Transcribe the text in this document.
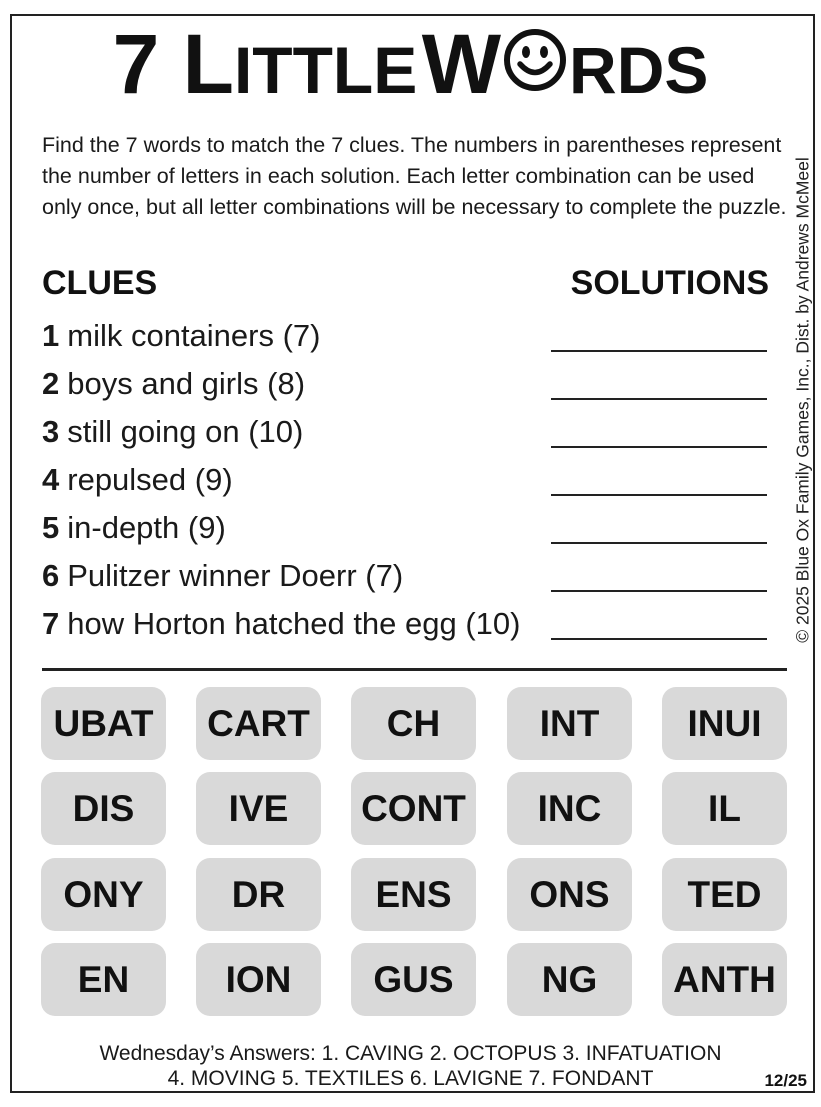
7 LITTLE W RDS
Find the 7 words to match the 7 clues. The numbers in parentheses represent the number of letters in each solution. Each letter combination can be used only once, but all letter combinations will be necessary to complete the puzzle. © 2025 Blue Ox Family Games, Inc., Dist. by Andrews McMeel
CLUES	SOLUTIONS
1 milk containers (7)
2 boys and girls (8)
3 still going on (10)
4 repulsed (9)
5 in-depth (9)
6 Pulitzer winner Doerr (7)
7 how Horton hatched the egg (10)
UBAT	CART	CH	INT	INUI
DIS	IVE	CONT	INC	IL
ONY	DR	ENS	ONS	TED
EN	ION	GUS	NG	ANTH
Wednesday’s Answers: 1. CAVING 2. OCTOPUS 3. INFATUATION
4. MOVING 5. TEXTILES 6. LAVIGNE 7. FONDANT	12/25
